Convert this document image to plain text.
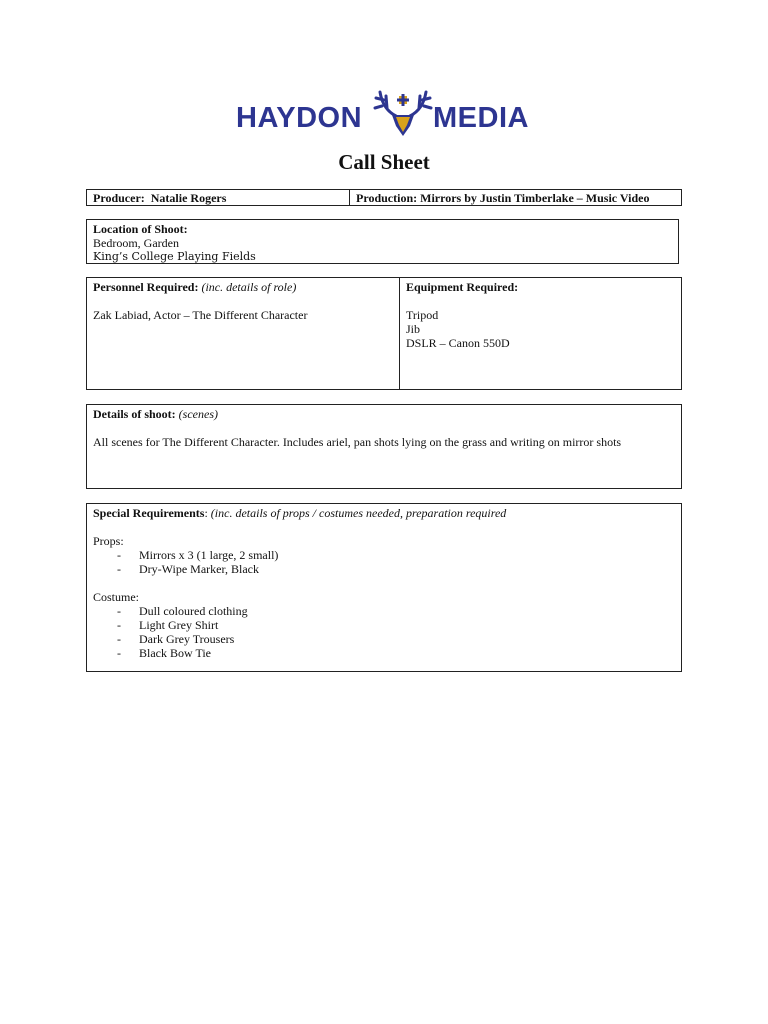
HAYDON MEDIA
Call Sheet
Producer: Natalie Rogers	Production: Mirrors by Justin Timberlake – Music Video
Location of Shoot:
Bedroom, Garden
King’s College Playing Fields
Personnel Required: (inc. details of role)
Zak Labiad, Actor – The Different Character
Equipment Required:
Tripod
Jib
DSLR – Canon 550D
Details of shoot: (scenes)
All scenes for The Different Character. Includes ariel, pan shots lying on the grass and writing on mirror shots
Special Requirements: (inc. details of props / costumes needed, preparation required
Props:
- Mirrors x 3 (1 large, 2 small)
- Dry-Wipe Marker, Black
Costume:
- Dull coloured clothing
- Light Grey Shirt
- Dark Grey Trousers
- Black Bow Tie
